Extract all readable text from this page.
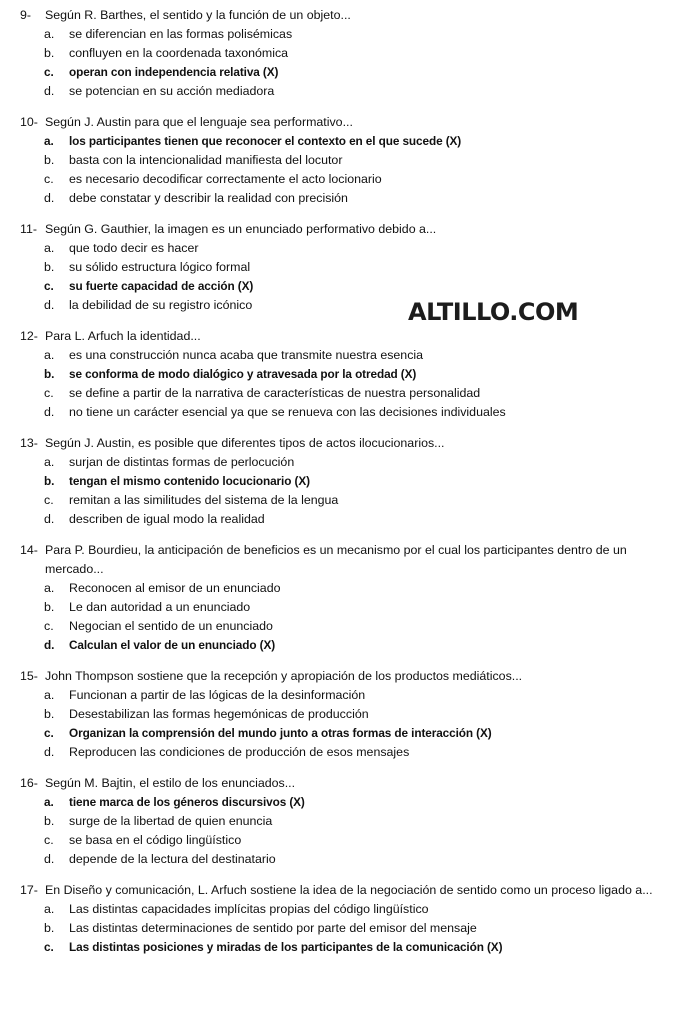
9-	Según R. Barthes, el sentido y la función de un objeto...
a.	se diferencian en las formas polisémicas
b.	confluyen en la coordenada taxonómica
c.	operan con independencia relativa (X)
d.	se potencian en su acción mediadora
10- Según J. Austin para que el lenguaje sea performativo...
a.	los participantes tienen que reconocer el contexto en el que sucede (X)
b.	basta con la intencionalidad manifiesta del locutor
c.	es necesario decodificar correctamente el acto locionario
d.	debe constatar y describir la realidad con precisión
11- Según G. Gauthier, la imagen es un enunciado performativo debido a...
a.	que todo decir es hacer
b.	su sólido estructura lógico formal
c.	su fuerte capacidad de acción (X)
d.	la debilidad de su registro icónico
12- Para L. Arfuch la identidad...
a.	es una construcción nunca acaba que transmite nuestra esencia
b.	se conforma de modo dialógico y atravesada por la otredad (X)
c.	se define a partir de la narrativa de características de nuestra personalidad
d.	no tiene un carácter esencial ya que se renueva con las decisiones individuales
13- Según J. Austin, es posible que diferentes tipos de actos ilocucionarios...
a.	surjan de distintas formas de perlocución
b.	tengan el mismo contenido locucionario (X)
c.	remitan a las similitudes del sistema de la lengua
d.	describen de igual modo la realidad
14- Para P. Bourdieu, la anticipación de beneficios es un mecanismo por el cual los participantes dentro de un mercado...
a.	Reconocen al emisor de un enunciado
b.	Le dan autoridad a un enunciado
c.	Negocian el sentido de un enunciado
d.	Calculan el valor de un enunciado (X)
15- John Thompson sostiene que la recepción y apropiación de los productos mediáticos...
a.	Funcionan a partir de las lógicas de la desinformación
b.	Desestabilizan las formas hegemónicas de producción
c.	Organizan la comprensión del mundo junto a otras formas de interacción (X)
d.	Reproducen las condiciones de producción de esos mensajes
16- Según M. Bajtin, el estilo de los enunciados...
a.	tiene marca de los géneros discursivos (X)
b.	surge de la libertad de quien enuncia
c.	se basa en el código lingüístico
d.	depende de la lectura del destinatario
17- En Diseño y comunicación, L. Arfuch sostiene la idea de la negociación de sentido como un proceso ligado a...
a.	Las distintas capacidades implícitas propias del código lingüístico
b.	Las distintas determinaciones de sentido por parte del emisor del mensaje
c.	Las distintas posiciones y miradas de los participantes de la comunicación (X)
ALTILLO.COM
